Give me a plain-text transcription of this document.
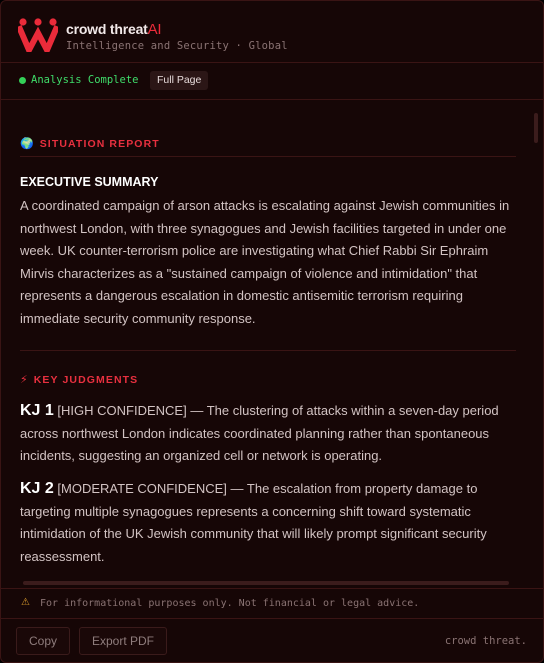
crowd threatAI
Intelligence and Security · Global
Analysis Complete	Full Page
🌍 SITUATION REPORT
EXECUTIVE SUMMARY
A coordinated campaign of arson attacks is escalating against Jewish communities in northwest London, with three synagogues and Jewish facilities targeted in under one week. UK counter-terrorism police are investigating what Chief Rabbi Sir Ephraim Mirvis characterizes as a "sustained campaign of violence and intimidation" that represents a dangerous escalation in domestic antisemitic terrorism requiring immediate security community response.
⚡ KEY JUDGMENTS
KJ 1 [HIGH CONFIDENCE] — The clustering of attacks within a seven-day period across northwest London indicates coordinated planning rather than spontaneous incidents, suggesting an organized cell or network is operating.
KJ 2 [MODERATE CONFIDENCE] — The escalation from property damage to targeting multiple synagogues represents a concerning shift toward systematic intimidation of the UK Jewish community that will likely prompt significant security reassessment.
⚠ For informational purposes only. Not financial or legal advice.
Copy	Export PDF	crowd threat.
